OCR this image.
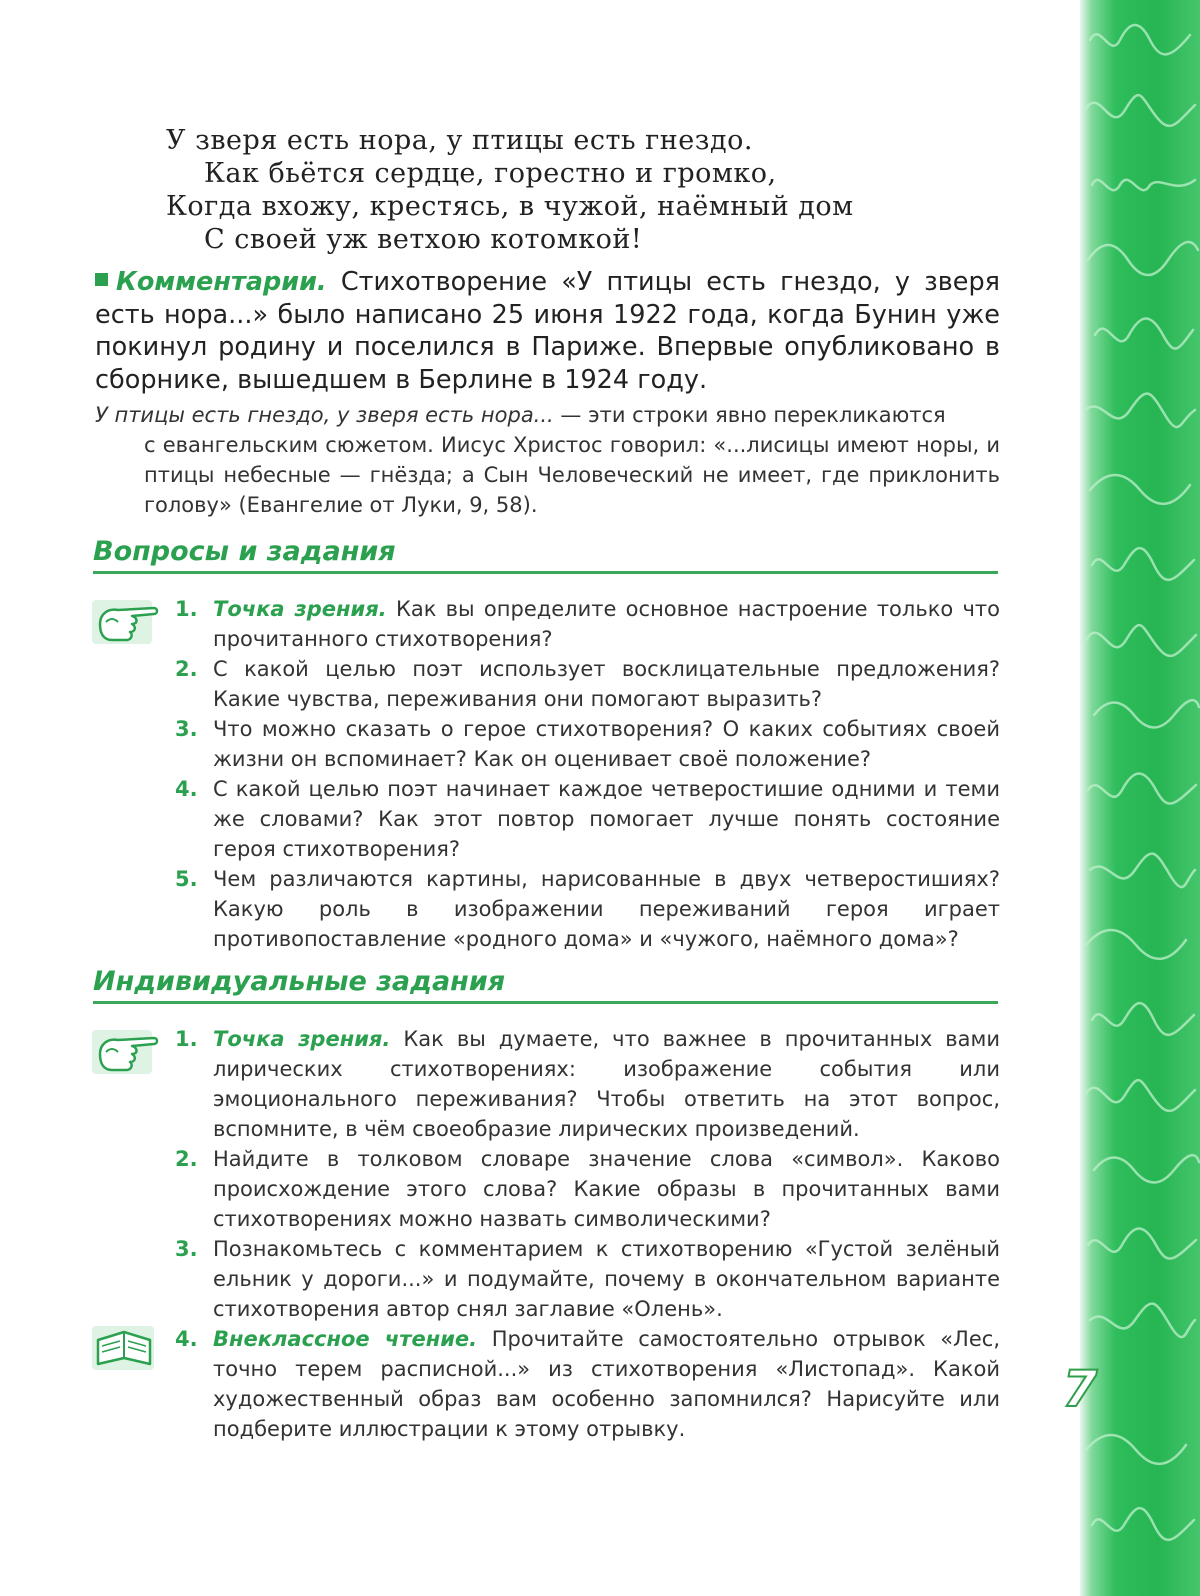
7
У зверя есть нора, у птицы есть гнездо.
Как бьётся сердце, горестно и громко,
Когда вхожу, крестясь, в чужой, наёмный дом
С своей уж ветхою котомкой!
Комментарии. Стихотворение «У птицы есть гнездо, у зверя есть нора...» было написано 25 июня 1922 года, когда Бунин уже покинул родину и поселился в Париже. Впервые опубликовано в сборнике, вышедшем в Берлине в 1924 году.
У птицы есть гнездо, у зверя есть нора... — эти строки явно перекликаются
с евангельским сюжетом. Иисус Христос говорил: «...лисицы имеют норы, и птицы небесные — гнёзда; а Сын Человеческий не имеет, где приклонить голову» (Евангелие от Луки, 9, 58).
Вопросы и задания
1. Точка зрения. Как вы определите основное настроение только что прочитанного стихотворения?
2. С какой целью поэт использует восклицательные предложения? Какие чувства, переживания они помогают выразить?
3. Что можно сказать о герое стихотворения? О каких событиях своей жизни он вспоминает? Как он оценивает своё положение?
4. С какой целью поэт начинает каждое четверостишие одними и теми же словами? Как этот повтор помогает лучше понять состояние героя стихотворения?
5. Чем различаются картины, нарисованные в двух четверостишиях? Какую роль в изображении переживаний героя играет противопоставление «родного дома» и «чужого, наёмного дома»?
Индивидуальные задания
1. Точка зрения. Как вы думаете, что важнее в прочитанных вами лирических стихотворениях: изображение события или эмоционального переживания? Чтобы ответить на этот вопрос, вспомните, в чём своеобразие лирических произведений.
2. Найдите в толковом словаре значение слова «символ». Каково происхождение этого слова? Какие образы в прочитанных вами стихотворениях можно назвать символическими?
3. Познакомьтесь с комментарием к стихотворению «Густой зелёный ельник у дороги...» и подумайте, почему в окончательном варианте стихотворения автор снял заглавие «Олень».
4. Внеклассное чтение. Прочитайте самостоятельно отрывок «Лес, точно терем расписной...» из стихотворения «Листопад». Какой художественный образ вам особенно запомнился? Нарисуйте или подберите иллюстрации к этому отрывку.
